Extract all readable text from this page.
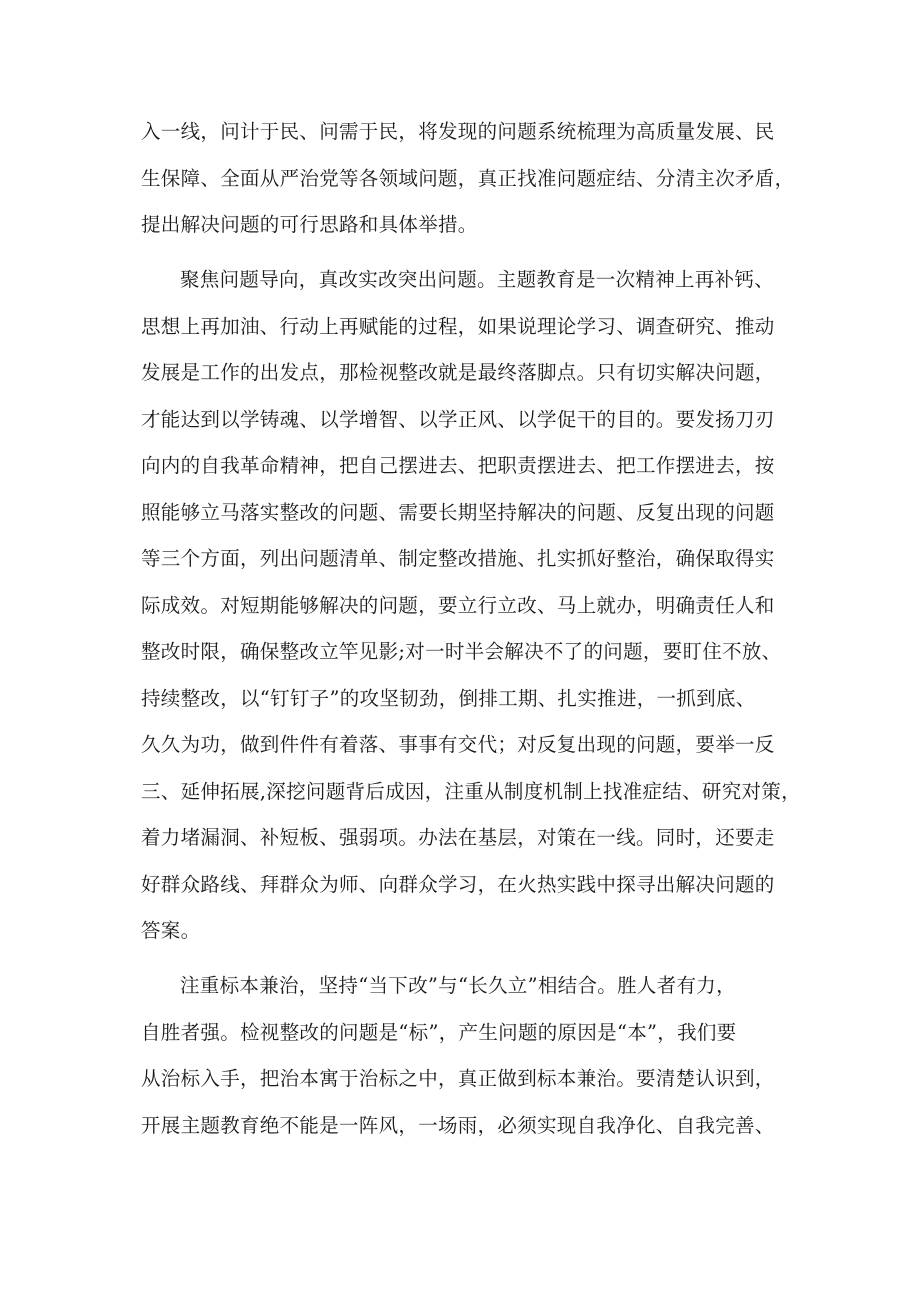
入一线，问计于民、问需于民，将发现的问题系统梳理为高质量发展、民
生保障、全面从严治党等各领域问题，真正找准问题症结、分清主次矛盾，
提出解决问题的可行思路和具体举措。
聚焦问题导向，真改实改突出问题。主题教育是一次精神上再补钙、
思想上再加油、行动上再赋能的过程，如果说理论学习、调查研究、推动
发展是工作的出发点，那检视整改就是最终落脚点。只有切实解决问题，
才能达到以学铸魂、以学增智、以学正风、以学促干的目的。要发扬刀刃
向内的自我革命精神，把自己摆进去、把职责摆进去、把工作摆进去，按
照能够立马落实整改的问题、需要长期坚持解决的问题、反复出现的问题
等三个方面，列出问题清单、制定整改措施、扎实抓好整治，确保取得实
际成效。对短期能够解决的问题，要立行立改、马上就办，明确责任人和
整改时限，确保整改立竿见影;对一时半会解决不了的问题，要盯住不放、
持续整改，以“钉钉子”的攻坚韧劲，倒排工期、扎实推进，一抓到底、
久久为功，做到件件有着落、事事有交代；对反复出现的问题，要举一反
三、延伸拓展,深挖问题背后成因，注重从制度机制上找准症结、研究对策，
着力堵漏洞、补短板、强弱项。办法在基层，对策在一线。同时，还要走
好群众路线、拜群众为师、向群众学习，在火热实践中探寻出解决问题的
答案。
注重标本兼治，坚持“当下改”与“长久立”相结合。胜人者有力，
自胜者强。检视整改的问题是“标”，产生问题的原因是“本”，我们要
从治标入手，把治本寓于治标之中，真正做到标本兼治。要清楚认识到，
开展主题教育绝不能是一阵风，一场雨，必须实现自我净化、自我完善、
